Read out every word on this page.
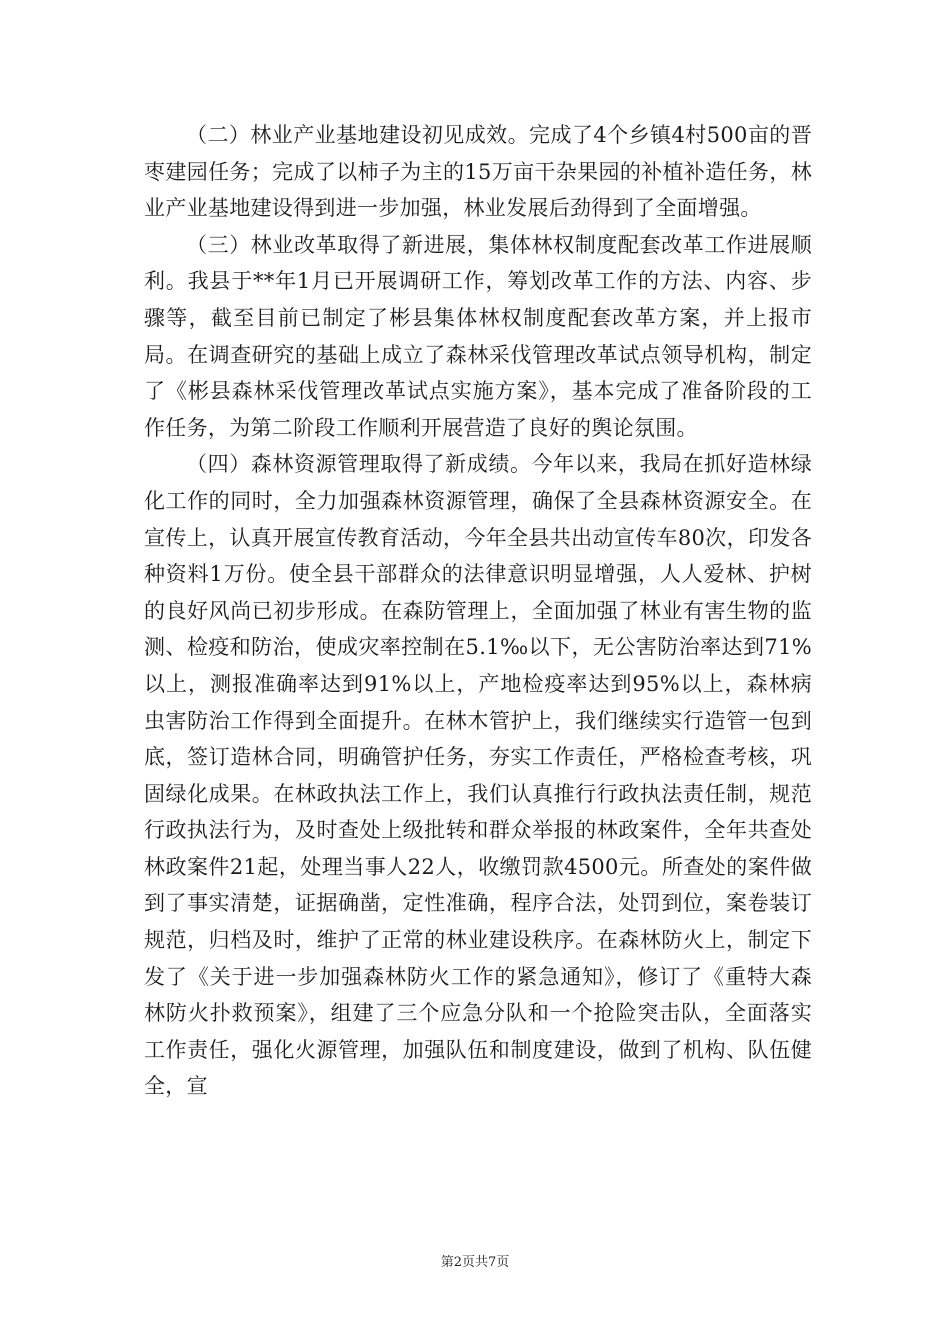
（二）林业产业基地建设初见成效。完成了4个乡镇4村500亩的晋枣建园任务；完成了以柿子为主的15万亩干杂果园的补植补造任务，林业产业基地建设得到进一步加强，林业发展后劲得到了全面增强。

（三）林业改革取得了新进展，集体林权制度配套改革工作进展顺利。我县于**年1月已开展调研工作，筹划改革工作的方法、内容、步骤等，截至目前已制定了彬县集体林权制度配套改革方案，并上报市局。在调查研究的基础上成立了森林采伐管理改革试点领导机构，制定了《彬县森林采伐管理改革试点实施方案》，基本完成了准备阶段的工作任务，为第二阶段工作顺利开展营造了良好的舆论氛围。

（四）森林资源管理取得了新成绩。今年以来，我局在抓好造林绿化工作的同时，全力加强森林资源管理，确保了全县森林资源安全。在宣传上，认真开展宣传教育活动，今年全县共出动宣传车80次，印发各种资料1万份。使全县干部群众的法律意识明显增强，人人爱林、护树的良好风尚已初步形成。在森防管理上，全面加强了林业有害生物的监测、检疫和防治，使成灾率控制在5.1‰以下，无公害防治率达到71%以上，测报准确率达到91%以上，产地检疫率达到95%以上，森林病虫害防治工作得到全面提升。在林木管护上，我们继续实行造管一包到底，签订造林合同，明确管护任务，夯实工作责任，严格检查考核，巩固绿化成果。在林政执法工作上，我们认真推行行政执法责任制，规范行政执法行为，及时查处上级批转和群众举报的林政案件，全年共查处林政案件21起，处理当事人22人，收缴罚款4500元。所查处的案件做到了事实清楚，证据确凿，定性准确，程序合法，处罚到位，案卷装订规范，归档及时，维护了正常的林业建设秩序。在森林防火上，制定下发了《关于进一步加强森林防火工作的紧急通知》，修订了《重特大森林防火扑救预案》，组建了三个应急分队和一个抢险突击队，全面落实工作责任，强化火源管理，加强队伍和制度建设，做到了机构、队伍健全，宣

第2页共7页
